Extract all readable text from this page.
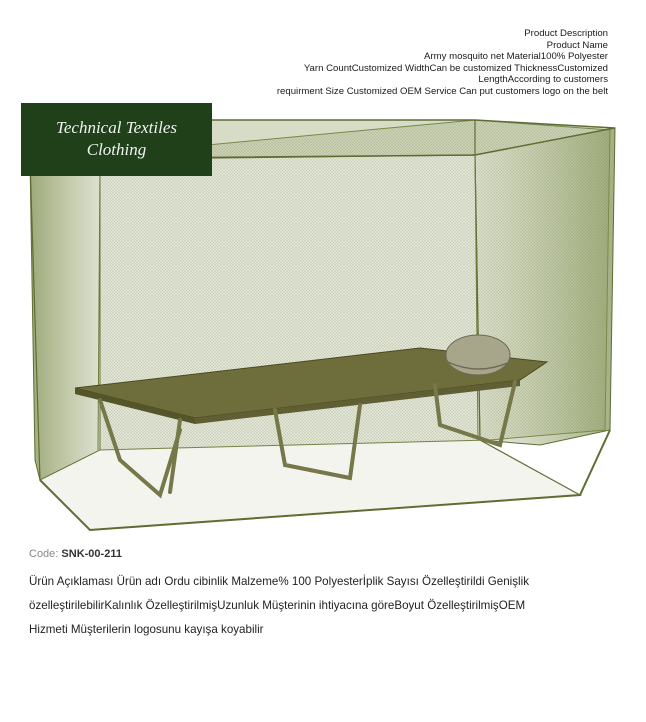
Product Description
Product Name
Army mosquito net Material100% Polyester
Yarn CountCustomized WidthCan be customized ThicknessCustomized
LengthAccording to customers
requirment Size Customized OEM Service Can put customers logo on the belt
Technical Textiles
Clothing
Code: SNK-00-211
Ürün Açıklaması Ürün adı Ordu cibinlik Malzeme% 100 Polyesterİplik Sayısı Özelleştirildi Genişlik
özelleştirilebilirKalınlık ÖzelleştirilmişUzunluk Müşterinin ihtiyacına göreBoyut ÖzelleştirilmişOEM
Hizmeti Müşterilerin logosunu kayışa koyabilir
